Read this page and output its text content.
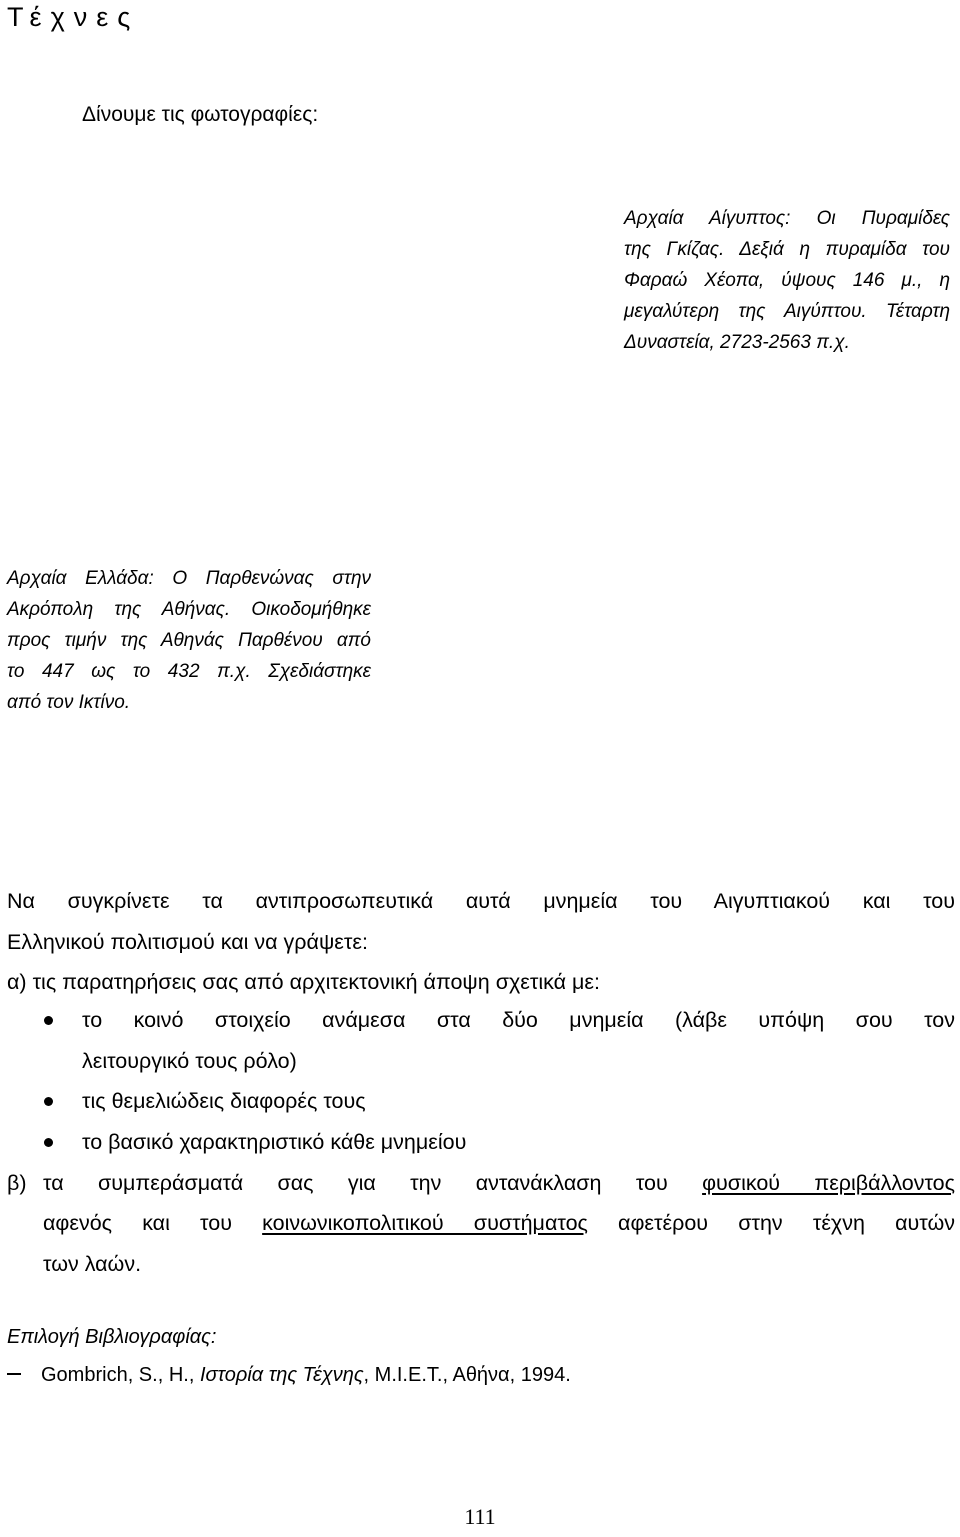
Τέχνες
Δίνουμε τις φωτογραφίες:
Αρχαία Αίγυπτος: Οι Πυραμίδες
της Γκίζας. Δεξιά η πυραμίδα του
Φαραώ Χέοπα, ύψους 146 μ., η
μεγαλύτερη της Αιγύπτου. Τέταρτη
Δυναστεία, 2723-2563 π.χ.
Αρχαία Ελλάδα: Ο Παρθενώνας στην
Ακρόπολη της Αθήνας. Οικοδομήθηκε
προς τιμήν της Αθηνάς Παρθένου από
το 447 ως το 432 π.χ. Σχεδιάστηκε
από τον Ικτίνο.
Να συγκρίνετε τα αντιπροσωπευτικά αυτά μνημεία του Αιγυπτιακού και του
Ελληνικού πολιτισμού και να γράψετε:
α) τις παρατηρήσεις σας από αρχιτεκτονική άποψη σχετικά με:
το κοινό στοιχείο ανάμεσα στα δύο μνημεία (λάβε υπόψη σου τον
λειτουργικό τους ρόλο)
τις θεμελιώδεις διαφορές τους
το βασικό χαρακτηριστικό κάθε μνημείου
β) τα συμπεράσματά σας για την αντανάκλαση του φυσικού περιβάλλοντος
αφενός και του κοινωνικοπολιτικού συστήματος αφετέρου στην τέχνη αυτών
των λαών.
Επιλογή Βιβλιογραφίας:
Gombrich, S., H., Ιστορία της Τέχνης, Μ.Ι.Ε.Τ., Αθήνα, 1994.
111
